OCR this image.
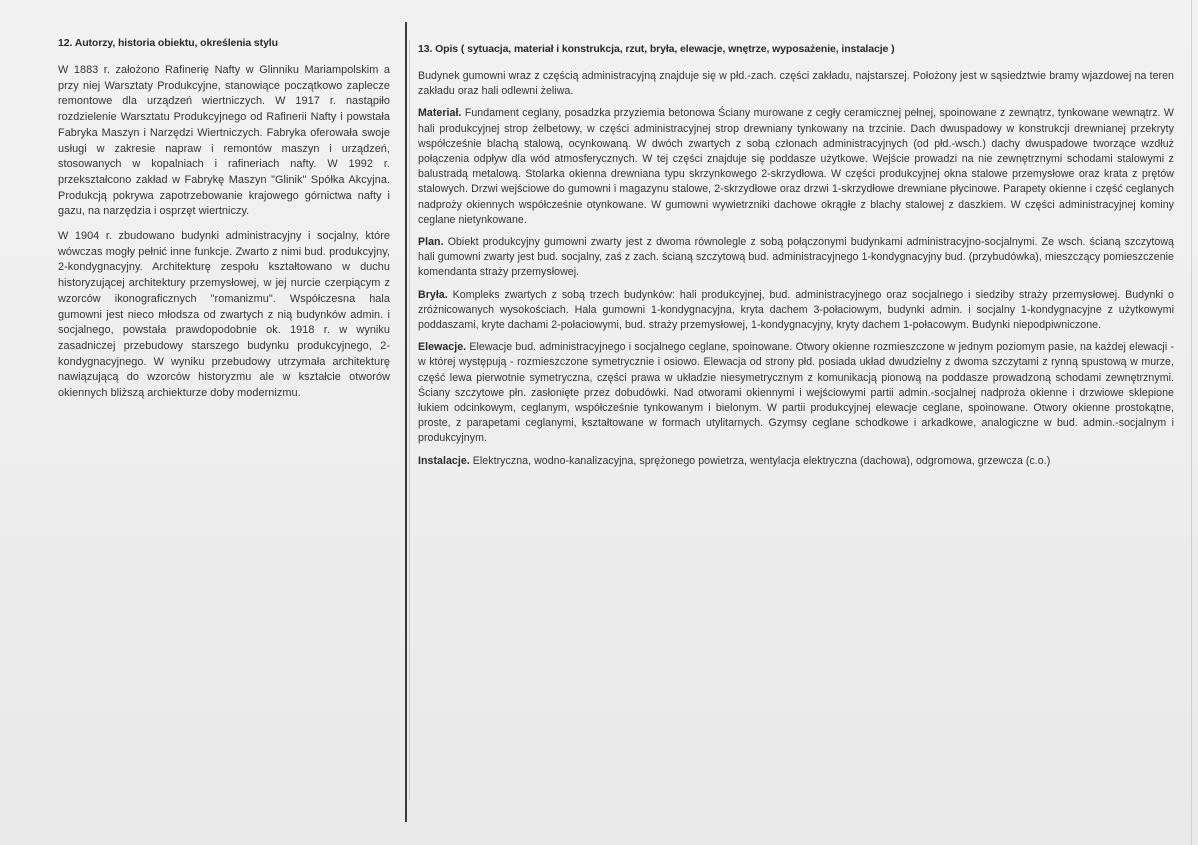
12. Autorzy, historia obiektu, określenia stylu

W 1883 r. założono Rafinerię Nafty w Glinniku Mariampolskim a przy niej Warsztaty Produkcyjne, stanowiące początkowo zaplecze remontowe dla urządzeń wiertniczych. W 1917 r. nastąpiło rozdzielenie Warsztatu Produkcyjnego od Rafinerii Nafty i powstała Fabryka Maszyn i Narzędzi Wiertniczych. Fabryka oferowała swoje usługi w zakresie napraw i remontów maszyn i urządzeń, stosowanych w kopalniach i rafineriach nafty. W 1992 r. przekształcono zakład w Fabrykę Maszyn "Glinik" Spółka Akcyjna. Produkcją pokrywa zapotrzebowanie krajowego górnictwa nafty i gazu, na narzędzia i osprzęt wiertniczy.

W 1904 r. zbudowano budynki administracyjny i socjalny, które wówczas mogły pełnić inne funkcje. Zwarto z nimi bud. produkcyjny, 2-kondygnacyjny. Architekturę zespołu kształtowano w duchu historyzującej architektury przemysłowej, w jej nurcie czerpiącym z wzorców ikonograficznych "romanizmu". Współczesna hala gumowni jest nieco młodsza od zwartych z nią budynków admin. i socjalnego, powstała prawdopodobnie ok. 1918 r. w wyniku zasadniczej przebudowy starszego budynku produkcyjnego, 2-kondygnacyjnego. W wyniku przebudowy utrzymała architekturę nawiązującą do wzorców historyzmu ale w kształcie otworów okiennych bliższą archiekturze doby modernizmu.

13. Opis ( sytuacja, materiał i konstrukcja, rzut, bryła, elewacje, wnętrze, wyposażenie, instalacje )

Budynek gumowni wraz z częścią administracyjną znajduje się w płd.-zach. części zakładu, najstarszej. Położony jest w sąsiedztwie bramy wjazdowej na teren zakładu oraz hali odlewni żeliwa.

Materiał. Fundament ceglany, posadzka przyziemia betonowa Ściany murowane z cegły ceramicznej pełnej, spoinowane z zewnątrz, tynkowane wewnątrz. W hali produkcyjnej strop żelbetowy, w części administracyjnej strop drewniany tynkowany na trzcinie. Dach dwuspadowy w konstrukcji drewnianej przekryty współcześnie blachą stalową, ocynkowaną. W dwóch zwartych z sobą członach administracyjnych (od płd.-wsch.) dachy dwuspadowe tworzące wzdłuż połączenia odpływ dla wód atmosferycznych. W tej części znajduje się poddasze użytkowe. Wejście prowadzi na nie zewnętrznymi schodami stalowymi z balustradą metalową. Stolarka okienna drewniana typu skrzynkowego 2-skrzydłowa. W części produkcyjnej okna stalowe przemysłowe oraz krata z prętów stalowych. Drzwi wejściowe do gumowni i magazynu stalowe, 2-skrzydłowe oraz drzwi 1-skrzydłowe drewniane płycinowe. Parapety okienne i część ceglanych nadproży okiennych współcześnie otynkowane. W gumowni wywietrzniki dachowe okrągłe z blachy stalowej z daszkiem. W części administracyjnej kominy ceglane nietynkowane.

Plan. Obiekt produkcyjny gumowni zwarty jest z dwoma równolegle z sobą połączonymi budynkami administracyjno-socjalnymi. Ze wsch. ścianą szczytową hali gumowni zwarty jest bud. socjalny, zaś z zach. ścianą szczytową bud. administracyjnego 1-kondygnacyjny bud. (przybudówka), mieszczący pomieszczenie komendanta straży przemysłowej.

Bryła. Kompleks zwartych z sobą trzech budynków: hali produkcyjnej, bud. administracyjnego oraz socjalnego i siedziby straży przemysłowej. Budynki o zróżnicowanych wysokościach. Hala gumowni 1-kondygnacyjna, kryta dachem 3-połaciowym, budynki admin. i socjalny 1-kondygnacyjne z użytkowymi poddaszami, kryte dachami 2-połaciowymi, bud. straży przemysłowej, 1-kondygnacyjny, kryty dachem 1-połacowym. Budynki niepodpiwniczone.

Elewacje. Elewacje bud. administracyjnego i socjalnego ceglane, spoinowane. Otwory okienne rozmieszczone w jednym poziomym pasie, na każdej elewacji - w której występują - rozmieszczone symetrycznie i osiowo. Elewacja od strony płd. posiada układ dwudzielny z dwoma szczytami z rynną spustową w murze, część lewa pierwotnie symetryczna, części prawa w układzie niesymetrycznym z komunikacją pionową na poddasze prowadzoną schodami zewnętrznymi. Ściany szczytowe płn. zasłonięte przez dobudówki. Nad otworami okiennymi i wejściowymi partii admin.-socjalnej nadproża okienne i drzwiowe sklepione łukiem odcinkowym, ceglanym, współcześnie tynkowanym i bielonym. W partii produkcyjnej elewacje ceglane, spoinowane. Otwory okienne prostokątne, proste, z parapetami ceglanymi, kształtowane w formach utylitarnych. Gzymsy ceglane schodkowe i arkadkowe, analogiczne w bud. admin.-socjalnym i produkcyjnym.

Instalacje. Elektryczna, wodno-kanalizacyjna, sprężonego powietrza, wentylacja elektryczna (dachowa), odgromowa, grzewcza (c.o.)
